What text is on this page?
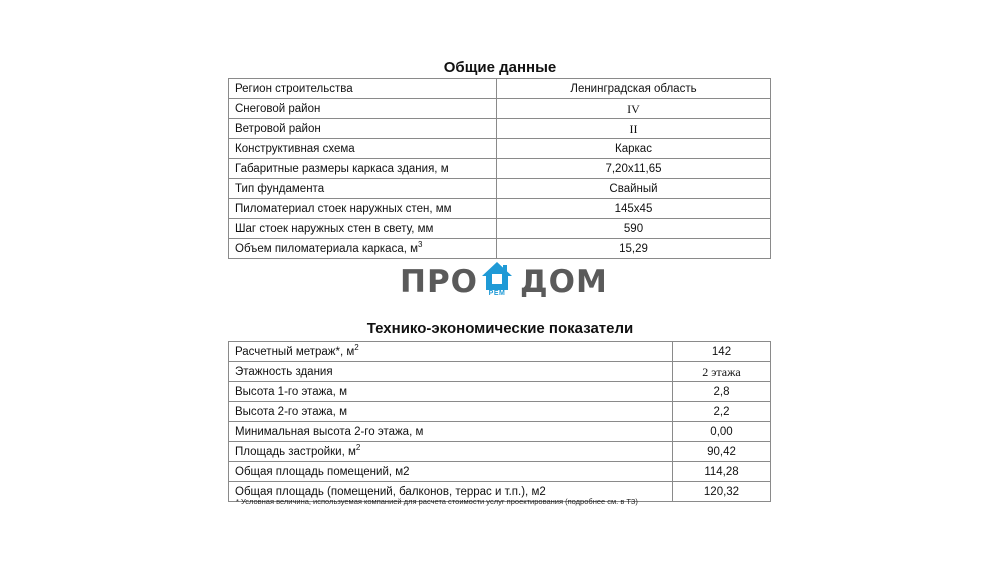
Общие данные
Регион строительства	Ленинградская область
Снеговой район	IV
Ветровой район	II
Конструктивная схема	Каркас
Габаритные размеры каркаса здания, м	7,20х11,65
Тип фундамента	Свайный
Пиломатериал стоек наружных стен, мм	145х45
Шаг стоек наружных стен в свету, мм	590
Объем пиломатериала каркаса, $м^3$	15,29
ПРО	РЕМ ДОМ
Технико-экономические показатели
Расчетный метраж*, $м^2$	142
Этажность здания	2 этажа
Высота 1-го этажа, м	2,8
Высота 2-го этажа, м	2,2
Минимальная высота 2-го этажа, м	0,00
Площадь застройки, $м^2$	90,42
Общая площадь помещений, м2	114,28
Общая площадь (помещений, балконов, террас и т.п.), м2	120,32
* Условная величина, используемая компанией для расчета стоимости услуг проектирования (подробнее см. в ТЗ)
